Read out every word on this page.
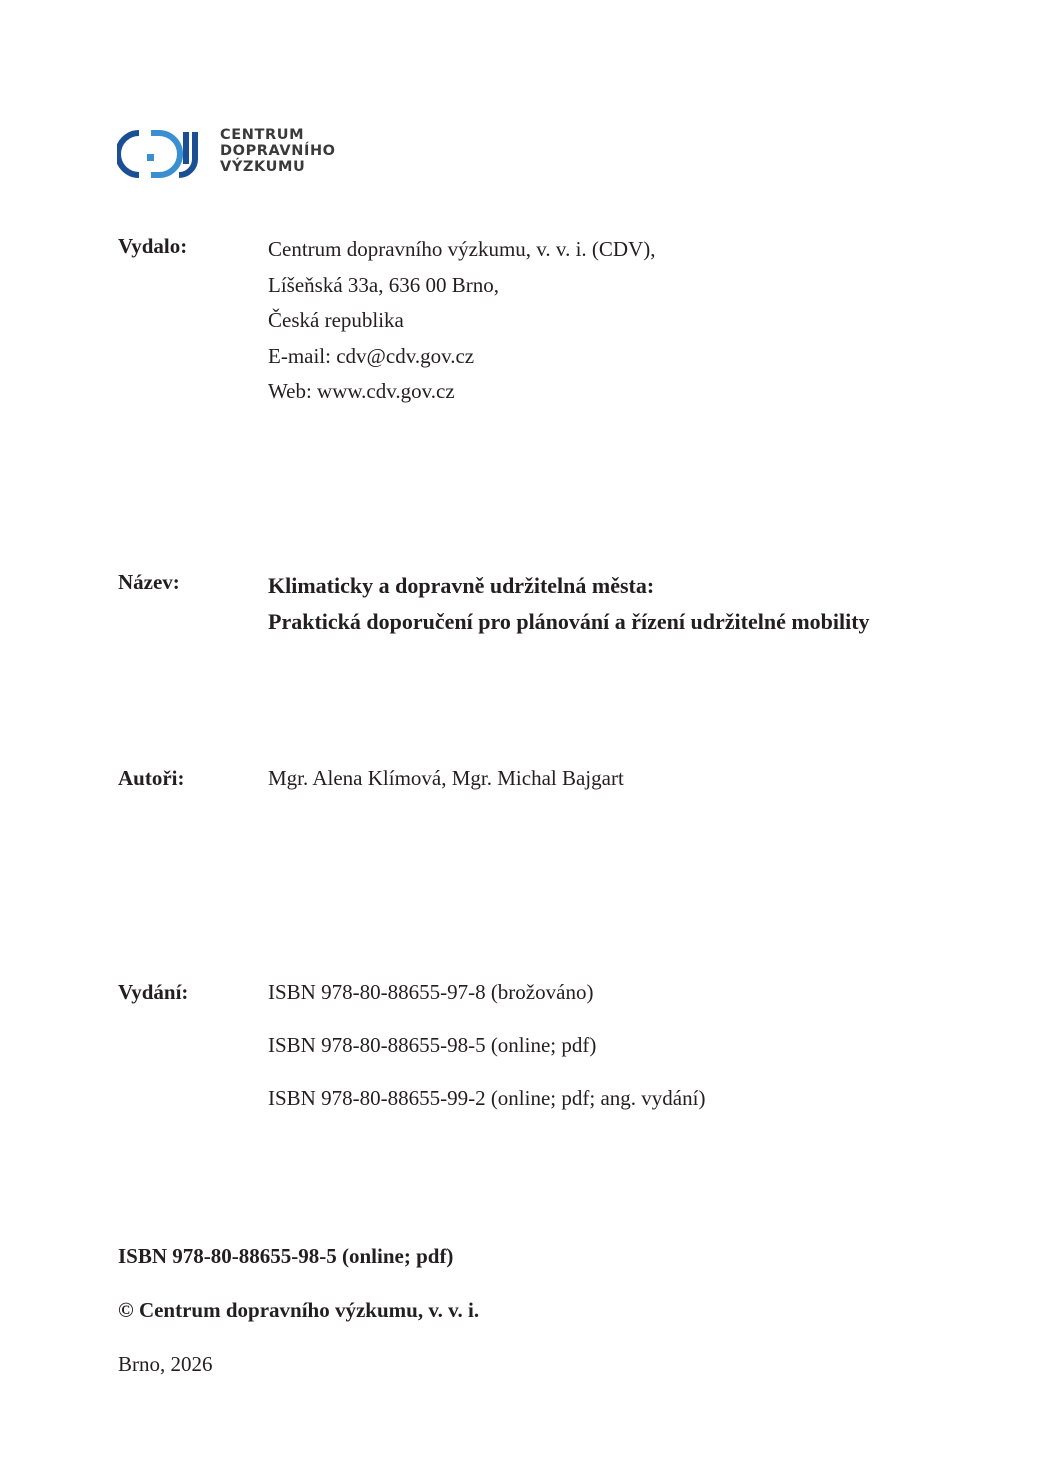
CENTRUM
DOPRAVNÍHO
VÝZKUMU
Vydalo:	Centrum dopravního výzkumu, v. v. i. (CDV),
Líšeňská 33a, 636 00 Brno,
Česká republika
E-mail: cdv@cdv.gov.cz
Web: www.cdv.gov.cz
Název:	Klimaticky a dopravně udržitelná města:
Praktická doporučení pro plánování a řízení udržitelné mobility
Autoři:	Mgr. Alena Klímová, Mgr. Michal Bajgart
Vydání:	ISBN 978-80-88655-97-8 (brožováno)
ISBN 978-80-88655-98-5 (online; pdf)
ISBN 978-80-88655-99-2 (online; pdf; ang. vydání)
ISBN 978-80-88655-98-5 (online; pdf)
© Centrum dopravního výzkumu, v. v. i.
Brno, 2026
